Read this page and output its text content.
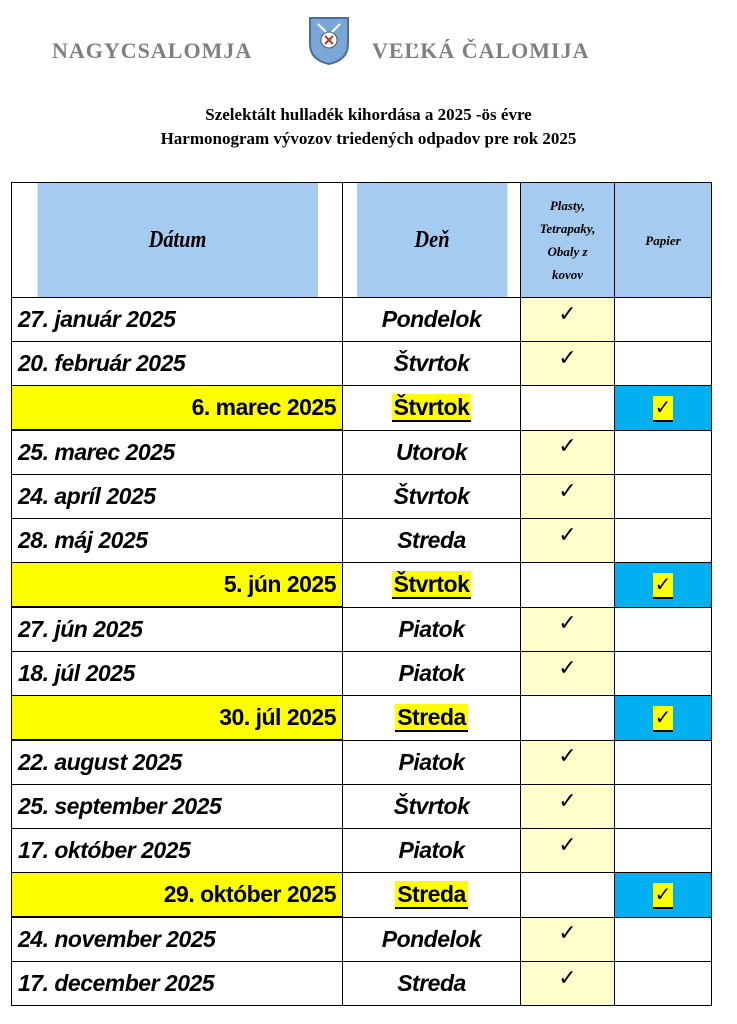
NAGYCSALOMJA	VEĽKÁ ČALOMIJA
Szelektált hulladék kihordása a 2025 -ös évre
Harmonogram vývozov triedených odpadov pre rok 2025
Dátum	Deň	Plasty,
Tetrapaky,
Obaly z
kovov	Papier
27. január 2025	Pondelok	✓	
20. február 2025	Štvrtok	✓	
6. marec 2025	Štvrtok		✓
25. marec 2025	Utorok	✓	
24. apríl 2025	Štvrtok	✓	
28. máj 2025	Streda	✓	
5. jún 2025	Štvrtok		✓
27. jún 2025	Piatok	✓	
18. júl 2025	Piatok	✓	
30. júl 2025	Streda		✓
22. august 2025	Piatok	✓	
25. september 2025	Štvrtok	✓	
17. október 2025	Piatok	✓	
29. október 2025	Streda		✓
24. november 2025	Pondelok	✓	
17. december 2025	Streda	✓	
